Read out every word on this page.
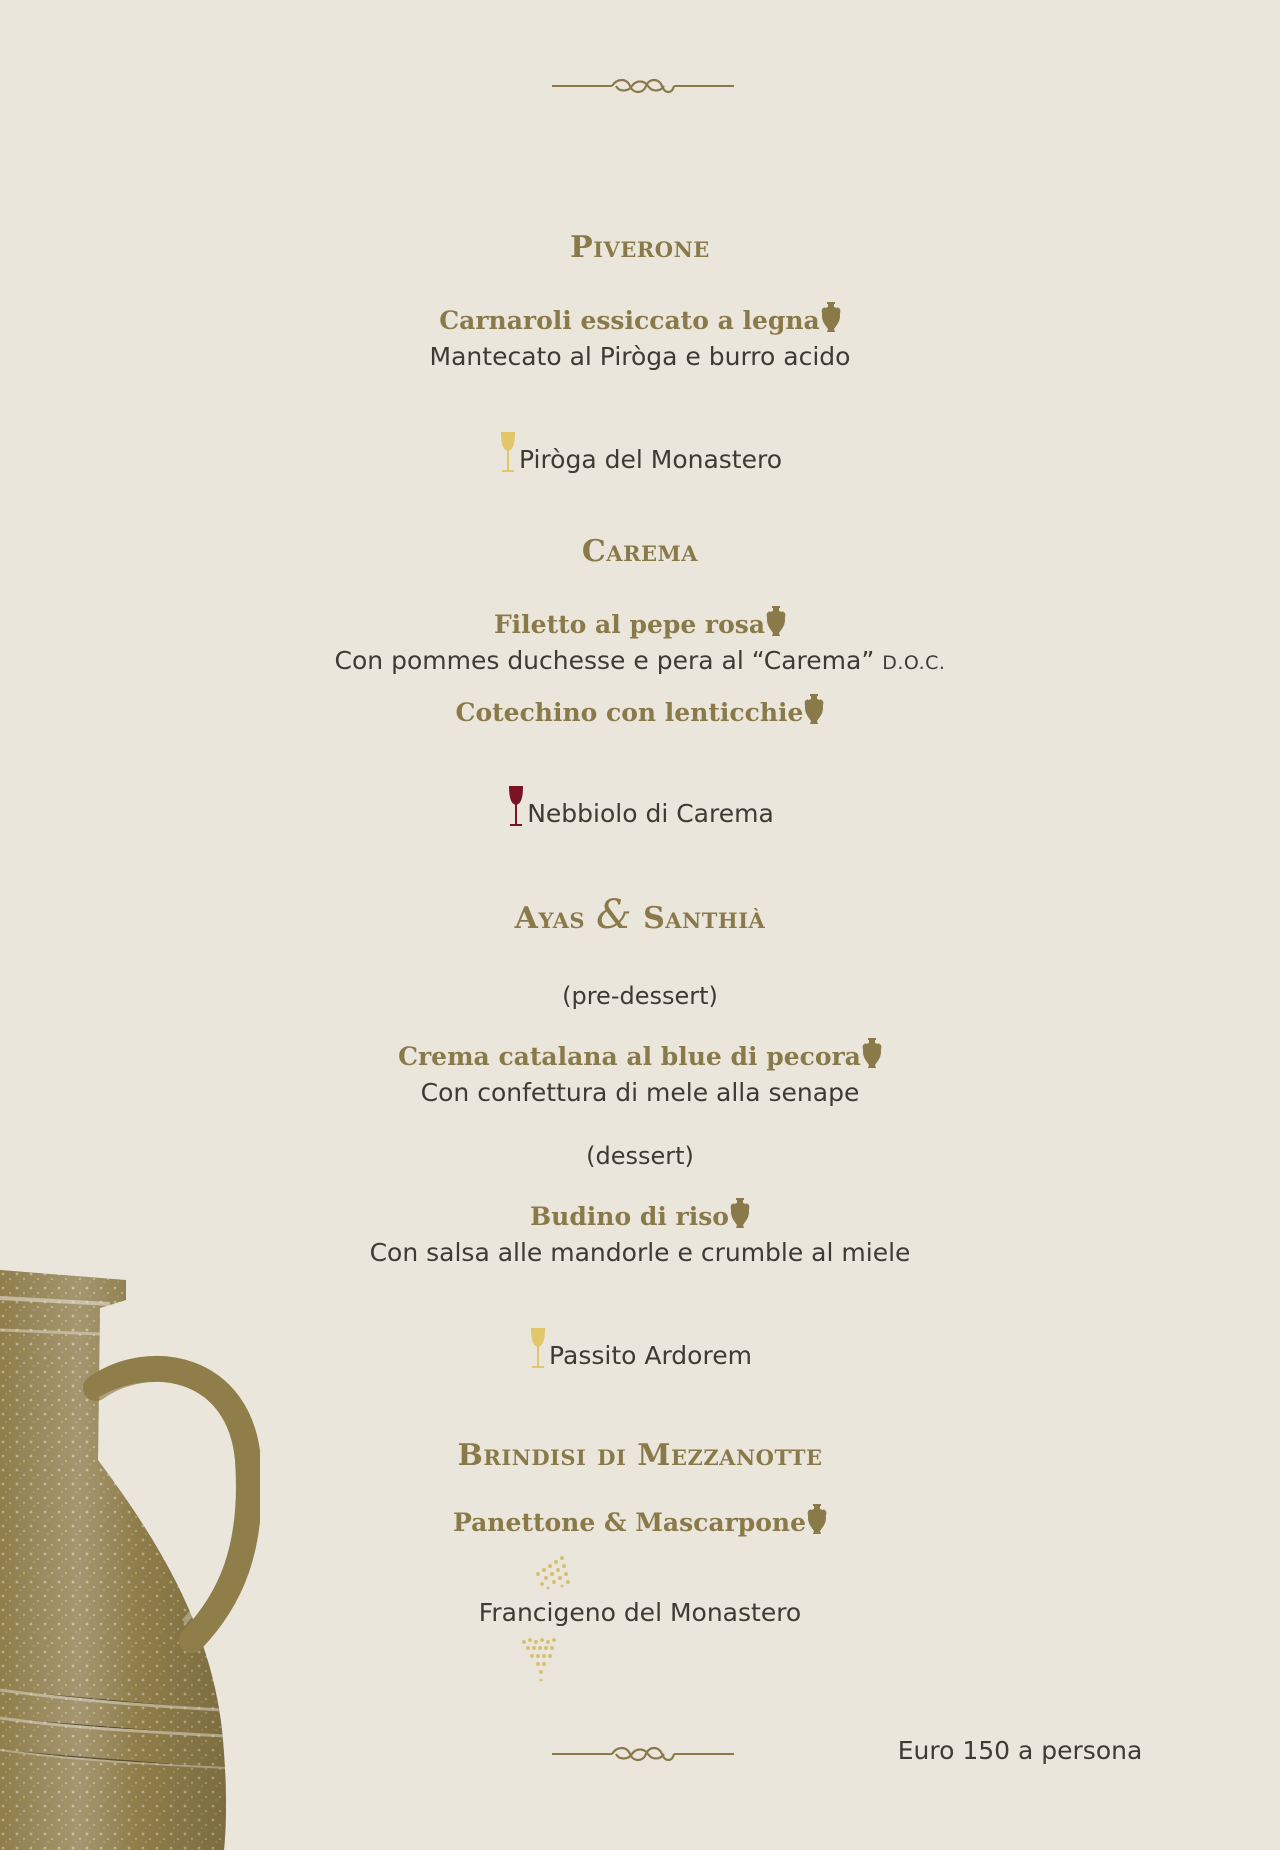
Piverone
Carnaroli essiccato a legna
Mantecato al Piròga e burro acido
Piròga del Monastero
Carema
Filetto al pepe rosa
Con pommes duchesse e pera al “Carema” D.O.C.
Cotechino con lenticchie
Nebbiolo di Carema
Ayas & Santhià
(pre-dessert)
Crema catalana al blue di pecora
Con confettura di mele alla senape
(dessert)
Budino di riso
Con salsa alle mandorle e crumble al miele
Passito Ardorem
Brindisi di Mezzanotte
Panettone & Mascarpone
Francigeno del Monastero
Euro 150 a persona
